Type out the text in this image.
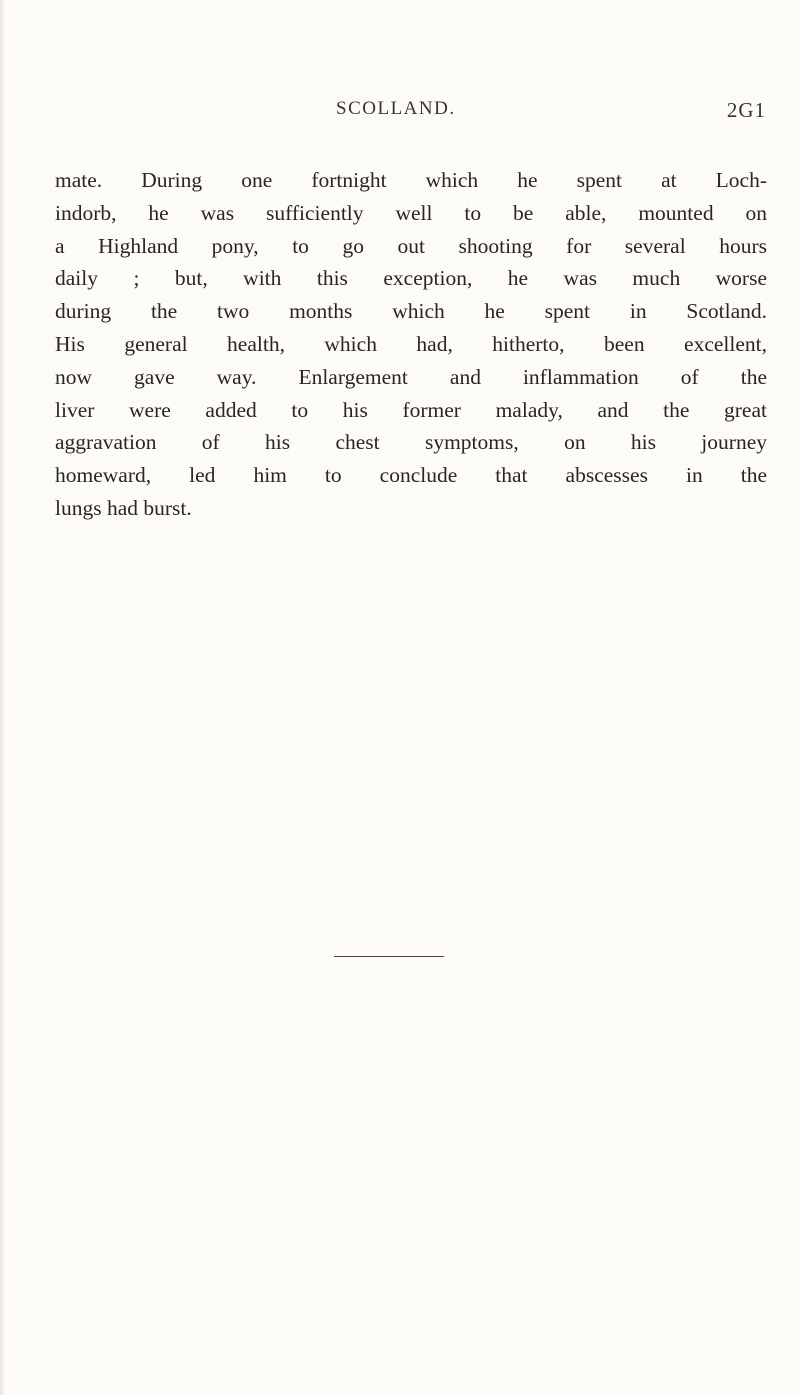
SCOLLAND.	2G1
mate. During one fortnight which he spent at Loch-
indorb, he was sufficiently well to be able, mounted on
a Highland pony, to go out shooting for several hours
daily ; but, with this exception, he was much worse
during the two months which he spent in Scotland.
His general health, which had, hitherto, been excellent,
now gave way. Enlargement and inflammation of the
liver were added to his former malady, and the great
aggravation of his chest symptoms, on his journey
homeward, led him to conclude that abscesses in the
lungs had burst.
